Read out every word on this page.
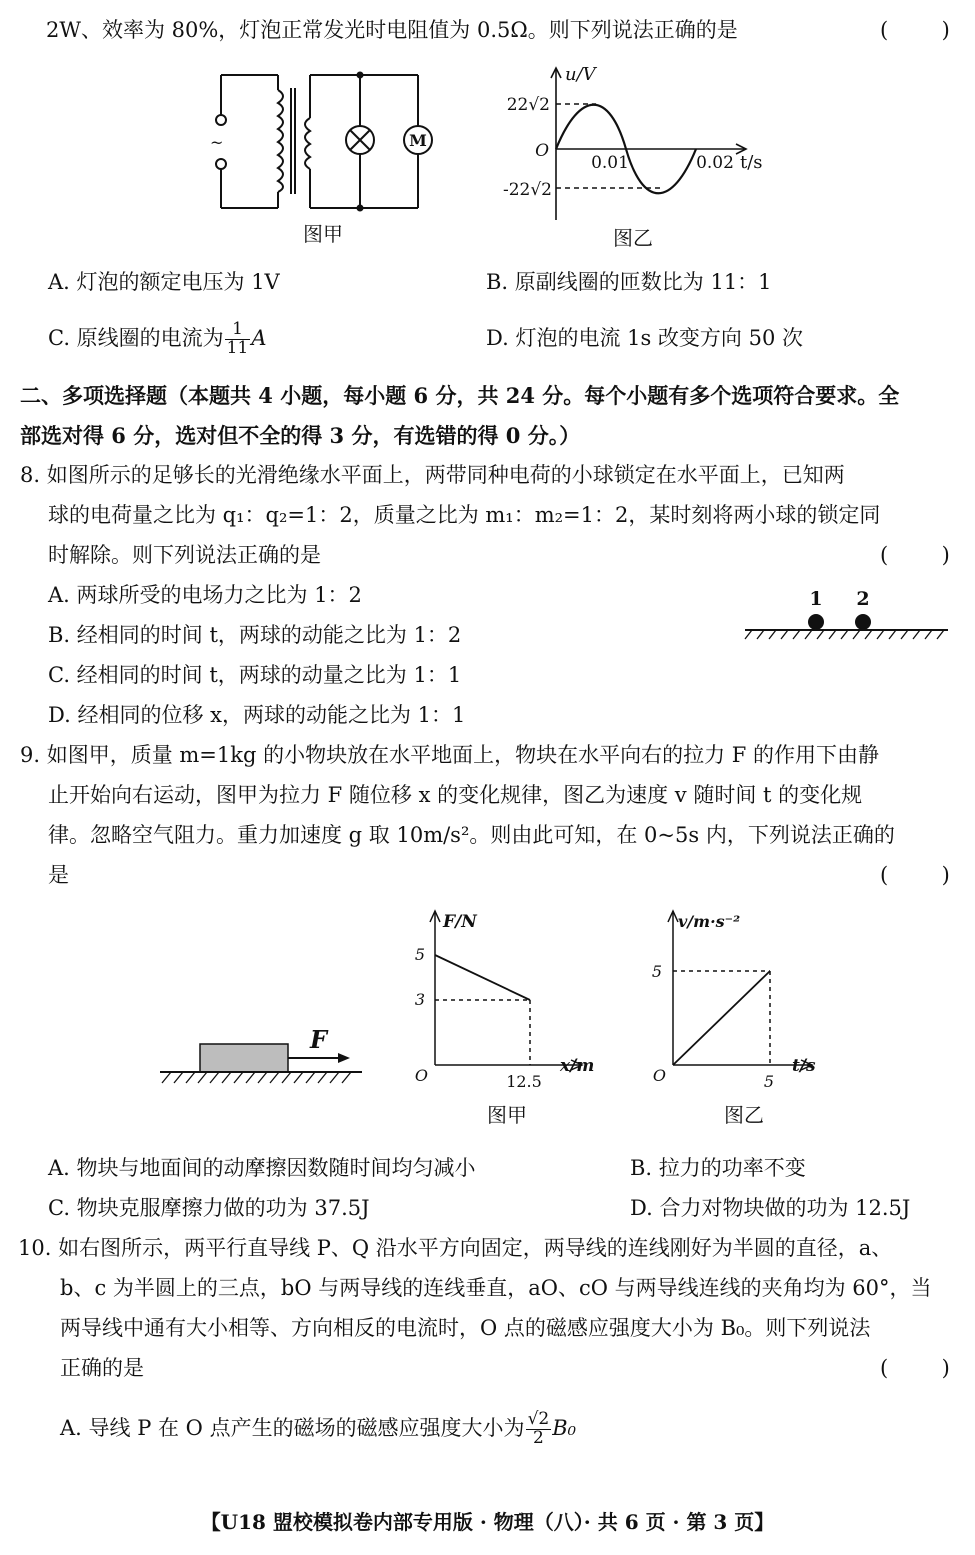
2W、效率为 80%，灯泡正常发光时电阻值为 0.5Ω。则下列说法正确的是	(        )
~	M
图甲
u/V
22√2
O
0.01	0.02 t/s
-22√2
图乙
A. 灯泡的额定电压为 1V	B. 原副线圈的匝数比为 11：1
C. 原线圈的电流为 $\frac{1}{11}$ A	D. 灯泡的电流 1s 改变方向 50 次
二、多项选择题（本题共 4 小题，每小题 6 分，共 24 分。每个小题有多个选项符合要求。全
部选对得 6 分，选对但不全的得 3 分，有选错的得 0 分。）
8. 如图所示的足够长的光滑绝缘水平面上，两带同种电荷的小球锁定在水平面上，已知两
球的电荷量之比为 q₁：q₂=1：2，质量之比为 m₁：m₂=1：2，某时刻将两小球的锁定同
时解除。则下列说法正确的是	(        )
A. 两球所受的电场力之比为 1：2
B. 经相同的时间 t，两球的动能之比为 1：2
C. 经相同的时间 t，两球的动量之比为 1：1
D. 经相同的位移 x，两球的动能之比为 1：1
1 2
9. 如图甲，质量 m=1kg 的小物块放在水平地面上，物块在水平向右的拉力 F 的作用下由静
止开始向右运动，图甲为拉力 F 随位移 x 的变化规律，图乙为速度 v 随时间 t 的变化规
律。忽略空气阻力。重力加速度 g 取 10m/s²。则由此可知，在 0~5s 内，下列说法正确的
是	(        )
F
F/N
5
3
O	12.5
x/m
图甲
v/m·s⁻²
5
O	5
t/s
图乙
A. 物块与地面间的动摩擦因数随时间均匀减小	B. 拉力的功率不变
C. 物块克服摩擦力做的功为 37.5J	D. 合力对物块做的功为 12.5J
10. 如右图所示，两平行直导线 P、Q 沿水平方向固定，两导线的连线刚好为半圆的直径，a、
b、c 为半圆上的三点，bO 与两导线的连线垂直，aO、cO 与两导线连线的夹角均为 60°，当
两导线中通有大小相等、方向相反的电流时，O 点的磁感应强度大小为 B₀。则下列说法
正确的是	(        )
A. 导线 P 在 O 点产生的磁场的磁感应强度大小为 $\frac{√2}{2} B_0$
【U18 盟校模拟卷内部专用版 · 物理（八）· 共 6 页 · 第 3 页】
